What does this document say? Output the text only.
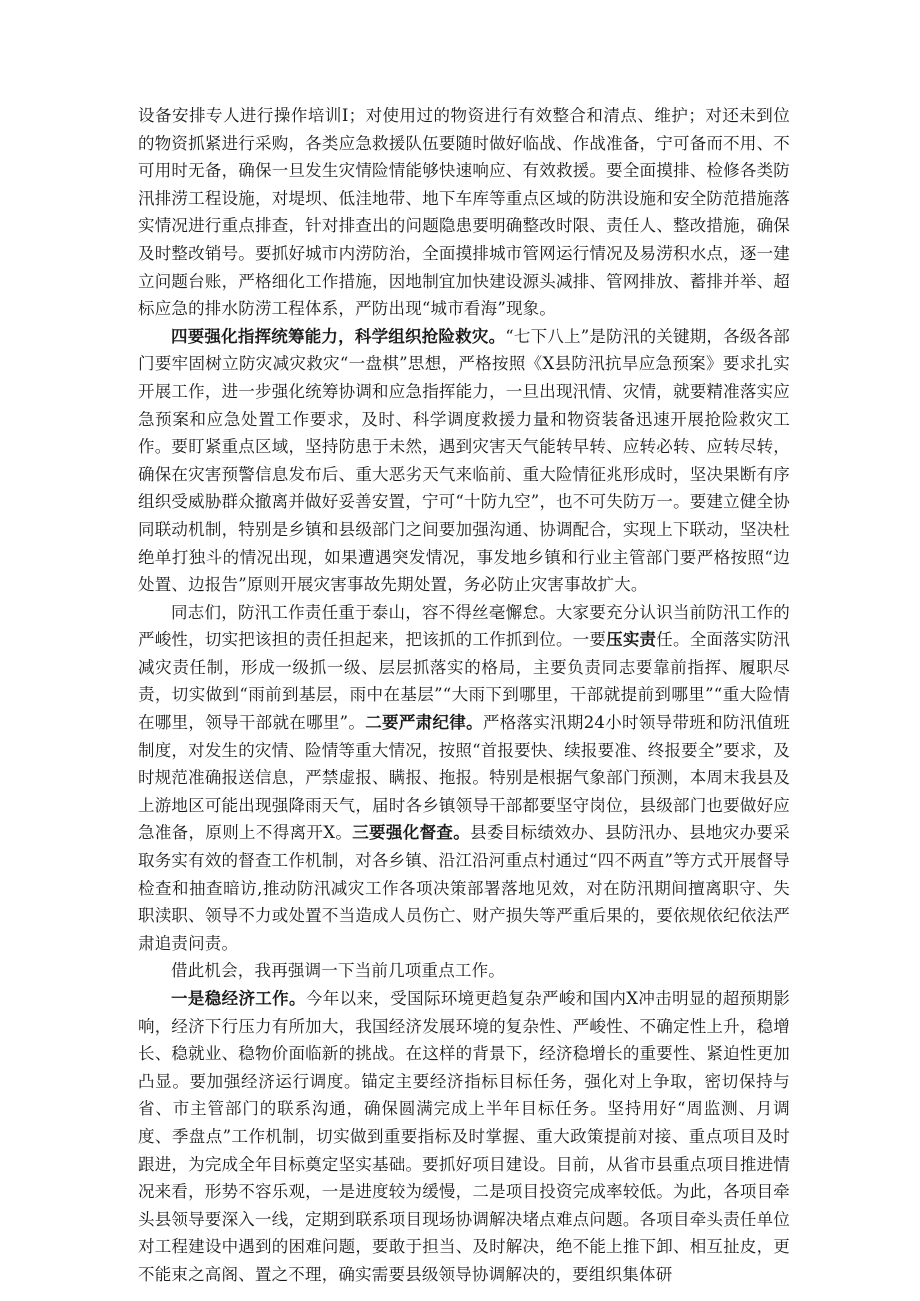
设备安排专人进行操作培训I；对使用过的物资进行有效整合和清点、维护；对还未到位的物资抓紧进行采购，各类应急救援队伍要随时做好临战、作战准备，宁可备而不用、不可用时无备，确保一旦发生灾情险情能够快速响应、有效救援。要全面摸排、检修各类防汛排涝工程设施，对堤坝、低洼地带、地下车库等重点区域的防洪设施和安全防范措施落实情况进行重点排查，针对排查出的问题隐患要明确整改时限、责任人、整改措施，确保及时整改销号。要抓好城市内涝防治，全面摸排城市管网运行情况及易涝积水点，逐一建立问题台账，严格细化工作措施，因地制宜加快建设源头减排、管网排放、蓄排并举、超标应急的排水防涝工程体系，严防出现“城市看海”现象。

四要强化指挥统筹能力，科学组织抢险救灾。“七下八上”是防汛的关键期，各级各部门要牢固树立防灾减灾救灾“一盘棋”思想，严格按照《X县防汛抗旱应急预案》要求扎实开展工作，进一步强化统筹协调和应急指挥能力，一旦出现汛情、灾情，就要精准落实应急预案和应急处置工作要求，及时、科学调度救援力量和物资装备迅速开展抢险救灾工作。要盯紧重点区域，坚持防患于未然，遇到灾害天气能转早转、应转必转、应转尽转，确保在灾害预警信息发布后、重大恶劣天气来临前、重大险情征兆形成时，坚决果断有序组织受威胁群众撤离并做好妥善安置，宁可“十防九空”，也不可失防万一。要建立健全协同联动机制，特别是乡镇和县级部门之间要加强沟通、协调配合，实现上下联动，坚决杜绝单打独斗的情况出现，如果遭遇突发情况，事发地乡镇和行业主管部门要严格按照“边处置、边报告”原则开展灾害事故先期处置，务必防止灾害事故扩大。

同志们，防汛工作责任重于泰山，容不得丝毫懈怠。大家要充分认识当前防汛工作的严峻性，切实把该担的责任担起来，把该抓的工作抓到位。一要压实责任。全面落实防汛减灾责任制，形成一级抓一级、层层抓落实的格局，主要负责同志要靠前指挥、履职尽责，切实做到“雨前到基层，雨中在基层”“大雨下到哪里，干部就提前到哪里”“重大险情在哪里，领导干部就在哪里”。二要严肃纪律。严格落实汛期24小时领导带班和防汛值班制度，对发生的灾情、险情等重大情况，按照“首报要快、续报要准、终报要全”要求，及时规范准确报送信息，严禁虚报、瞒报、拖报。特别是根据气象部门预测，本周末我县及上游地区可能出现强降雨天气，届时各乡镇领导干部都要坚守岗位，县级部门也要做好应急准备，原则上不得离开X。三要强化督查。县委目标绩效办、县防汛办、县地灾办要采取务实有效的督查工作机制，对各乡镇、沿江沿河重点村通过“四不两直”等方式开展督导检查和抽查暗访,推动防汛减灾工作各项决策部署落地见效，对在防汛期间擅离职守、失职渎职、领导不力或处置不当造成人员伤亡、财产损失等严重后果的，要依规依纪依法严肃追责问责。

借此机会，我再强调一下当前几项重点工作。

一是稳经济工作。今年以来，受国际环境更趋复杂严峻和国内X冲击明显的超预期影响，经济下行压力有所加大，我国经济发展环境的复杂性、严峻性、不确定性上升，稳增长、稳就业、稳物价面临新的挑战。在这样的背景下，经济稳增长的重要性、紧迫性更加凸显。要加强经济运行调度。锚定主要经济指标目标任务，强化对上争取，密切保持与省、市主管部门的联系沟通，确保圆满完成上半年目标任务。坚持用好“周监测、月调度、季盘点”工作机制，切实做到重要指标及时掌握、重大政策提前对接、重点项目及时跟进，为完成全年目标奠定坚实基础。要抓好项目建设。目前，从省市县重点项目推进情况来看，形势不容乐观，一是进度较为缓慢，二是项目投资完成率较低。为此，各项目牵头县领导要深入一线，定期到联系项目现场协调解决堵点难点问题。各项目牵头责任单位对工程建设中遇到的困难问题，要敢于担当、及时解决，绝不能上推下卸、相互扯皮，更不能束之高阁、置之不理，确实需要县级领导协调解决的，要组织集体研
